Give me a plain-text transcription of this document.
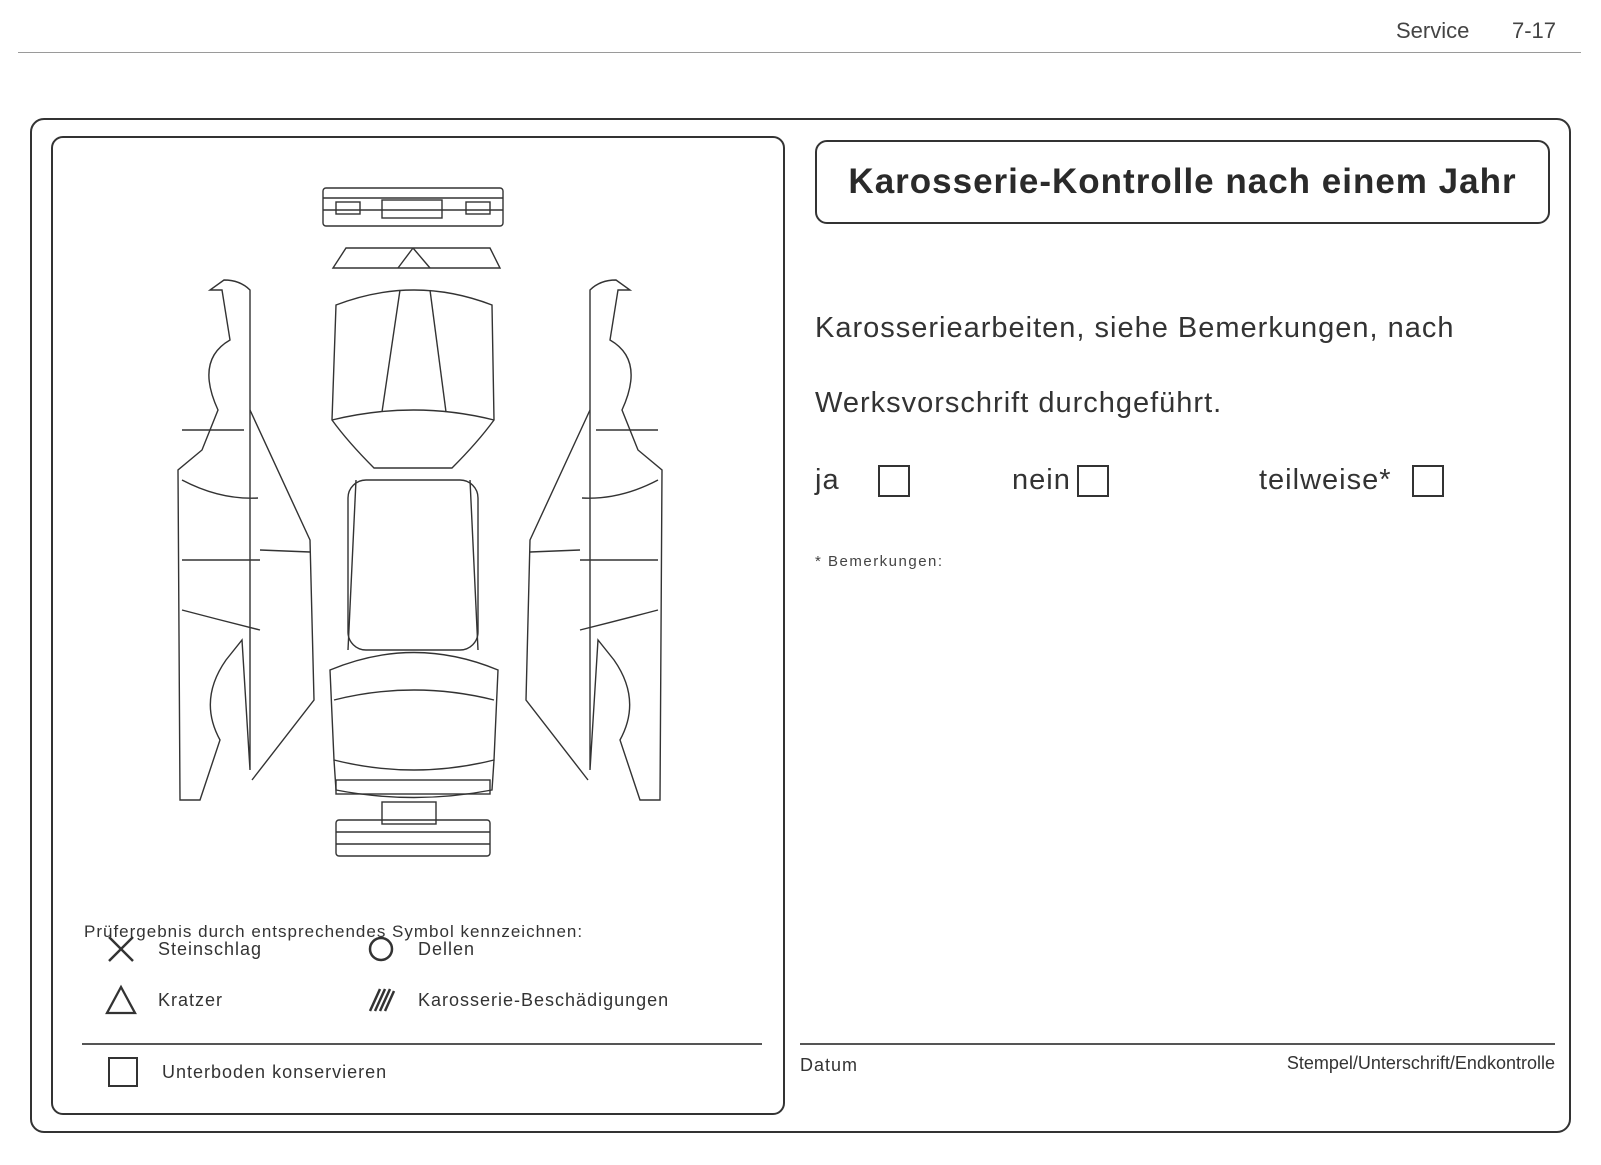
Service 7-17
Prüfergebnis durch entsprechendes Symbol kennzeichnen:
Steinschlag	Dellen
Kratzer	Karosserie-Beschädigungen
Unterboden konservieren
Karosserie-Kontrolle nach einem Jahr
Karosseriearbeiten, siehe Bemerkungen, nach
Werksvorschrift durchgeführt.
ja	nein	teilweise*
* Bemerkungen:
Datum	Stempel/Unterschrift/Endkontrolle
